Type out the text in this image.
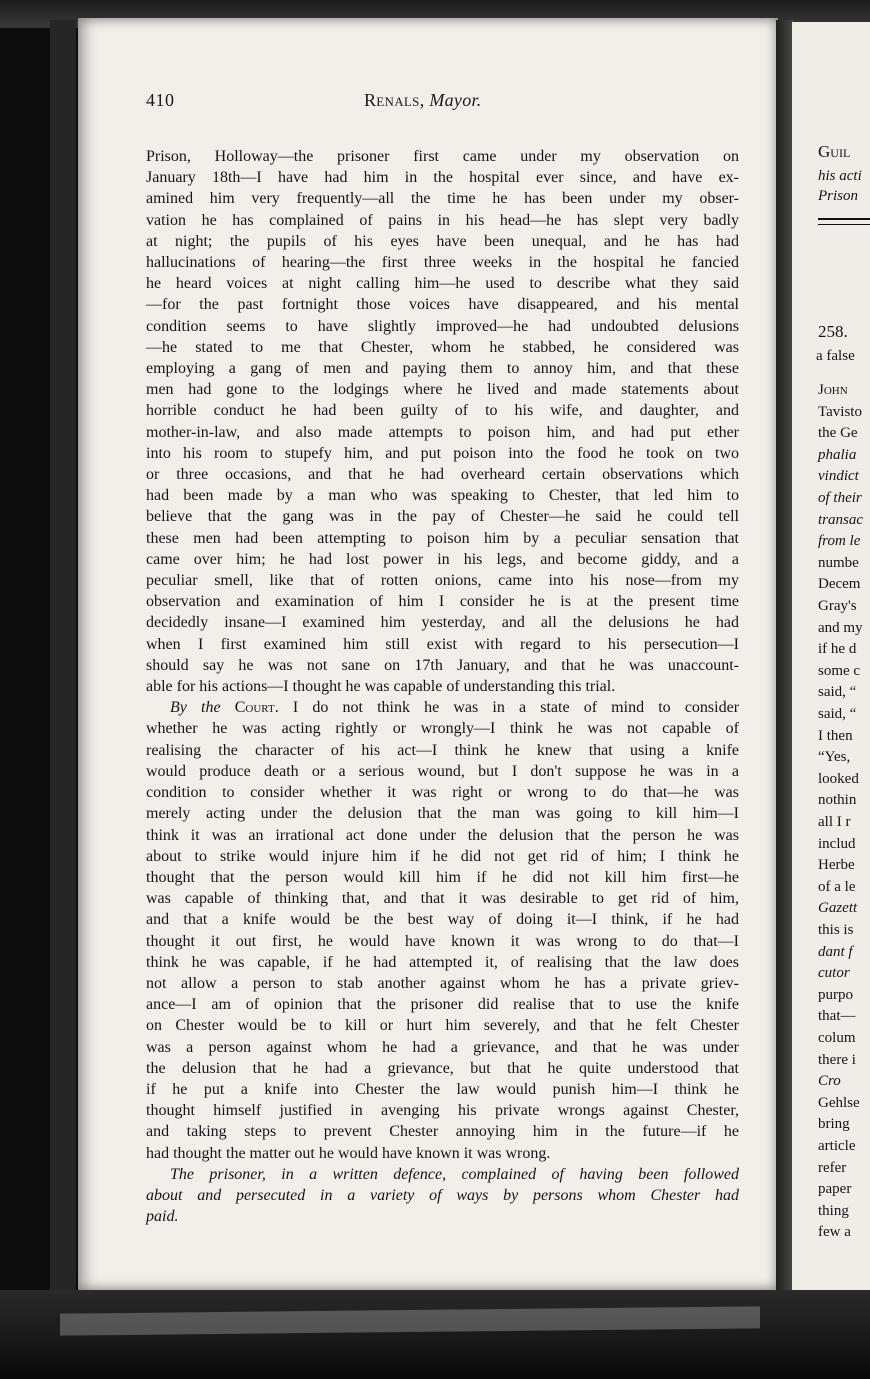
410	Renals, Mayor.
Prison, Holloway—the prisoner first came under my observation on
January 18th—I have had him in the hospital ever since, and have ex-
amined him very frequently—all the time he has been under my obser-
vation he has complained of pains in his head—he has slept very badly
at night; the pupils of his eyes have been unequal, and he has had
hallucinations of hearing—the first three weeks in the hospital he fancied
he heard voices at night calling him—he used to describe what they said
—for the past fortnight those voices have disappeared, and his mental
condition seems to have slightly improved—he had undoubted delusions
—he stated to me that Chester, whom he stabbed, he considered was
employing a gang of men and paying them to annoy him, and that these
men had gone to the lodgings where he lived and made statements about
horrible conduct he had been guilty of to his wife, and daughter, and
mother-in-law, and also made attempts to poison him, and had put ether
into his room to stupefy him, and put poison into the food he took on two
or three occasions, and that he had overheard certain observations which
had been made by a man who was speaking to Chester, that led him to
believe that the gang was in the pay of Chester—he said he could tell
these men had been attempting to poison him by a peculiar sensation that
came over him; he had lost power in his legs, and become giddy, and a
peculiar smell, like that of rotten onions, came into his nose—from my
observation and examination of him I consider he is at the present time
decidedly insane—I examined him yesterday, and all the delusions he had
when I first examined him still exist with regard to his persecution—I
should say he was not sane on 17th January, and that he was unaccount-
able for his actions—I thought he was capable of understanding this trial.
By the Court. I do not think he was in a state of mind to consider
whether he was acting rightly or wrongly—I think he was not capable of
realising the character of his act—I think he knew that using a knife
would produce death or a serious wound, but I don't suppose he was in a
condition to consider whether it was right or wrong to do that—he was
merely acting under the delusion that the man was going to kill him—I
think it was an irrational act done under the delusion that the person he was
about to strike would injure him if he did not get rid of him; I think he
thought that the person would kill him if he did not kill him first—he
was capable of thinking that, and that it was desirable to get rid of him,
and that a knife would be the best way of doing it—I think, if he had
thought it out first, he would have known it was wrong to do that—I
think he was capable, if he had attempted it, of realising that the law does
not allow a person to stab another against whom he has a private griev-
ance—I am of opinion that the prisoner did realise that to use the knife
on Chester would be to kill or hurt him severely, and that he felt Chester
was a person against whom he had a grievance, and that he was under
the delusion that he had a grievance, but that he quite understood that
if he put a knife into Chester the law would punish him—I think he
thought himself justified in avenging his private wrongs against Chester,
and taking steps to prevent Chester annoying him in the future—if he
had thought the matter out he would have known it was wrong.
The prisoner, in a written defence, complained of having been followed
about and persecuted in a variety of ways by persons whom Chester had
paid.
Guil
his acti
Prison
258.
a false
John
Tavisto
the Ge
phalia
vindict
of their
transac
from le
numbe
Decem
Gray's
and my
if he d
some c
said, “
said, “
I then
“Yes,
looked
nothin
all I r
includ
Herbe
of a le
Gazett
this is
dant f
cutor
purpo
that—
colum
there i
Cro
Gehlse
bring
article
refer
paper
thing
few a
